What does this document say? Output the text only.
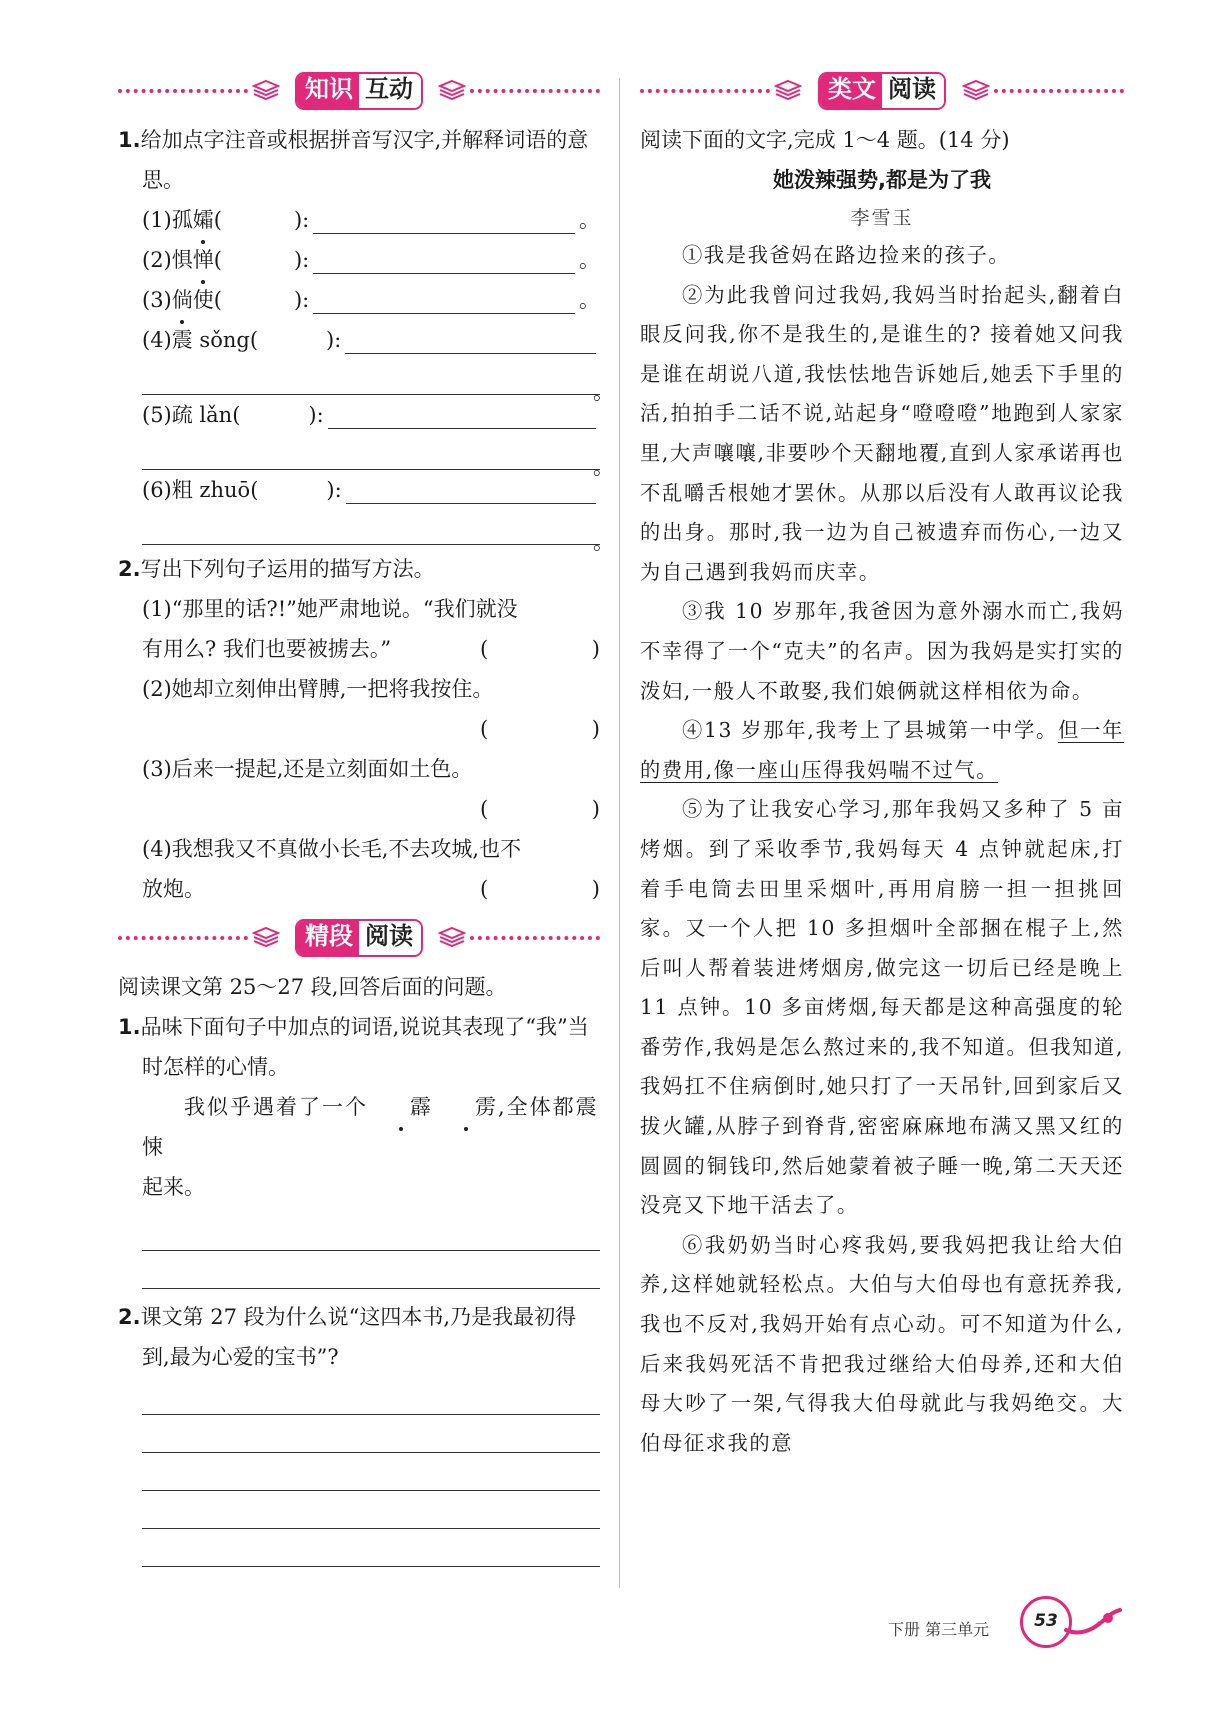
知识 互动
1.给加点字注音或根据拼音写汉字,并解释词语的意思。
(1)孤 孀 (	):	。
(2)惧 惮 (	):	。
(3) 倘 使 (	):	。
(4)震 sǒng (	):
。
(5)疏 lǎn (	):
。
(6)粗 zhuō (	):
。
2.写出下列句子运用的描写方法。
(1)“那里的话?!”她严肃地说。“我们就没
有用么? 我们也要被掳去。”	(	)
(2)她却立刻伸出臂膊,一把将我按住。
(	)
(3)后来一提起,还是立刻面如土色。
(	)
(4)我想我又不真做小长毛,不去攻城,也不
放炮。	(	)
精段 阅读
阅读课文第 25～27 段,回答后面的问题。
1.品味下面句子中加点的词语,说说其表现了“我”当时怎样的心情。
我似乎遇着了一个 霹 雳,全体都震悚
起来。
2.课文第 27 段为什么说“这四本书,乃是我最初得到,最为心爱的宝书”?
类文 阅读
阅读下面的文字,完成 1～4 题。(14 分)
她泼辣强势,都是为了我
李雪玉

①我是我爸妈在路边捡来的孩子。

②为此我曾问过我妈,我妈当时抬起头,翻着白眼反问我,你不是我生的,是谁生的? 接着她又问我是谁在胡说八道,我怯怯地告诉她后,她丢下手里的活,拍拍手二话不说,站起身“噔噔噔”地跑到人家家里,大声嚷嚷,非要吵个天翻地覆,直到人家承诺再也不乱嚼舌根她才罢休。从那以后没有人敢再议论我的出身。那时,我一边为自己被遗弃而伤心,一边又为自己遇到我妈而庆幸。

③我 10 岁那年,我爸因为意外溺水而亡,我妈不幸得了一个“克夫”的名声。因为我妈是实打实的泼妇,一般人不敢娶,我们娘俩就这样相依为命。

④13 岁那年,我考上了县城第一中学。但一年的费用,像一座山压得我妈喘不过气。

⑤为了让我安心学习,那年我妈又多种了 5 亩烤烟。到了采收季节,我妈每天 4 点钟就起床,打着手电筒去田里采烟叶,再用肩膀一担一担挑回家。又一个人把 10 多担烟叶全部捆在棍子上,然后叫人帮着装进烤烟房,做完这一切后已经是晚上 11 点钟。10 多亩烤烟,每天都是这种高强度的轮番劳作,我妈是怎么熬过来的,我不知道。但我知道,我妈扛不住病倒时,她只打了一天吊针,回到家后又拔火罐,从脖子到脊背,密密麻麻地布满又黑又红的圆圆的铜钱印,然后她蒙着被子睡一晚,第二天天还没亮又下地干活去了。

⑥我奶奶当时心疼我妈,要我妈把我让给大伯养,这样她就轻松点。大伯与大伯母也有意抚养我,我也不反对,我妈开始有点心动。可不知道为什么,后来我妈死活不肯把我过继给大伯母养,还和大伯母大吵了一架,气得我大伯母就此与我妈绝交。大伯母征求我的意

下册 第三单元	53
